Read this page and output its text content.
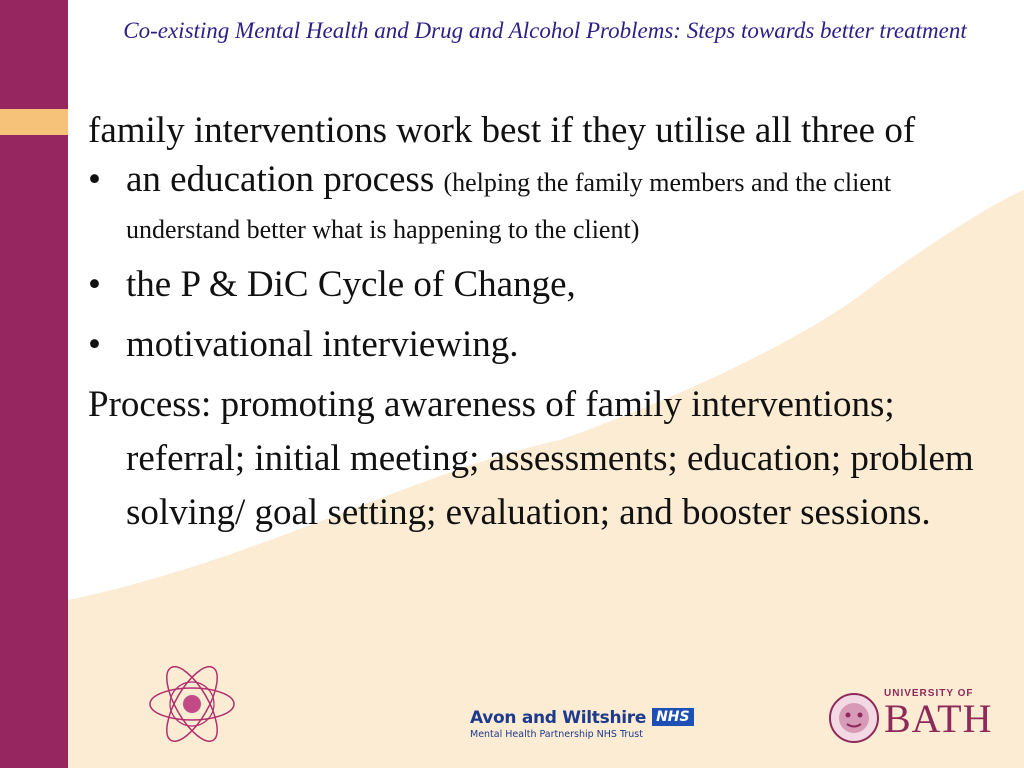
Co-existing Mental Health and Drug and Alcohol Problems: Steps towards better treatment

family interventions work best if they utilise all three of

• an education process (helping the family members and the client understand better what is happening to the client)
• the P & DiC Cycle of Change,
• motivational interviewing.

Process: promoting awareness of family interventions; referral; initial meeting; assessments; education; problem solving/ goal setting; evaluation; and booster sessions.

Avon and Wiltshire NHS
Mental Health Partnership NHS Trust
UNIVERSITY OF
BATH
